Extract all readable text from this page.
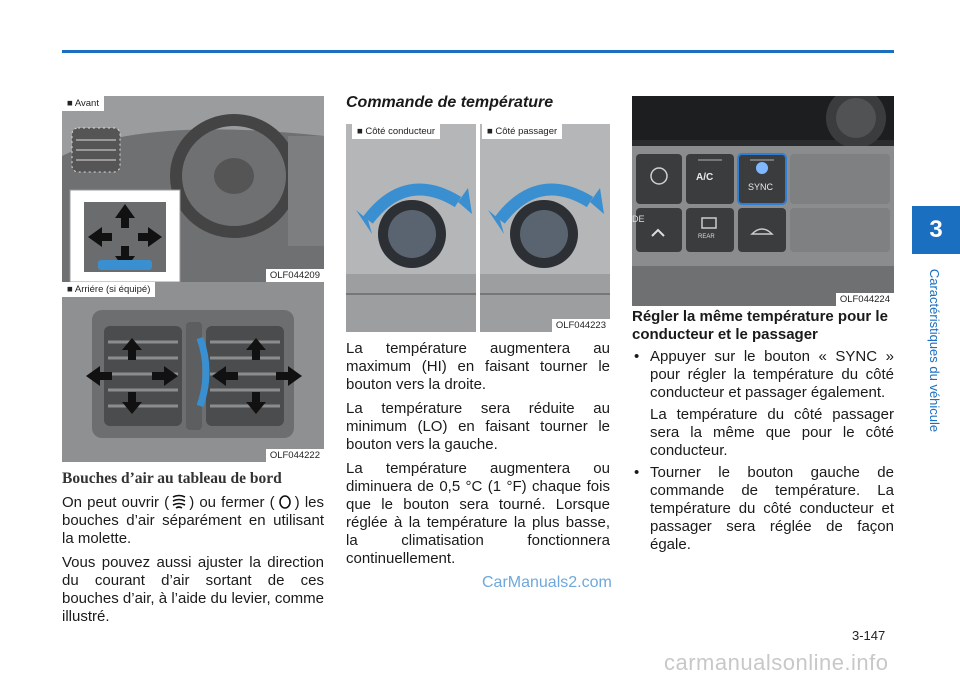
3
Caractéristiques du véhicule
■ Avant
OLF044209
■ Arriére (si équipé)
OLF044222
■ Côté conducteur	■ Côté passager
OLF044223
A/C
SYNC
REAR
DE
OLF044224
Bouches d’air au tableau de bord

On peut ouvrir ( ) ou fermer ( ) les bouches d’air séparément en utilisant la molette.

Vous pouvez aussi ajuster la direction du courant d’air sortant de ces bouches d’air, à l’aide du levier, comme illustré.

Commande de température

La température augmentera au maximum (HI) en faisant tourner le bouton vers la droite.

La température sera réduite au minimum (LO) en faisant tourner le bouton vers la gauche.

La température augmentera ou diminuera de 0,5 °C (1 °F) chaque fois que le bouton sera tourné. Lorsque réglée à la température la plus basse, la climatisation fonctionnera continuellement.

Régler la même température pour le conducteur et le passager
• Appuyer sur le bouton « SYNC » pour régler la température du côté conducteur et passager également.
La température du côté passager sera la même que pour le côté conducteur.
• Tourner le bouton gauche de commande de température. La température du côté conducteur et passager sera réglée de façon égale.
CarManuals2.com
3-147
carmanualsonline.info
